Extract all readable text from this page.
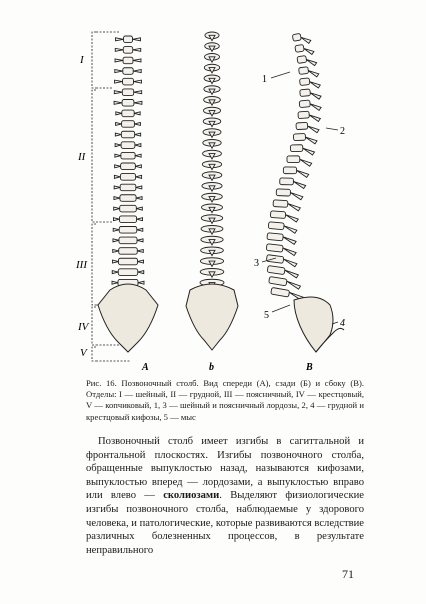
I
II
III
IV
V
A	b	B
1
2
3
5
4
Рис. 16. Позвоночный столб. Вид спереди (А), сзади (Б) и сбоку (В). Отделы: I — шейный, II — грудной, III — поясничный, IV — крестцовый, V — копчиковый, 1, 3 — шейный и поясничный лордозы, 2, 4 — грудной и крестцовый кифозы, 5 — мыс

Позвоночный столб имеет изгибы в сагиттальной и фронтальной плоскостях. Изгибы позвоночного столба, обращенные выпуклостью назад, называются кифозами, выпуклостью вперед — лордозами, а выпуклостью вправо или влево — сколиозами. Выделяют физиологические изгибы позвоночного столба, наблюдаемые у здорового человека, и патологические, которые развиваются вследствие различных болезненных процессов, в результате неправильного

71
